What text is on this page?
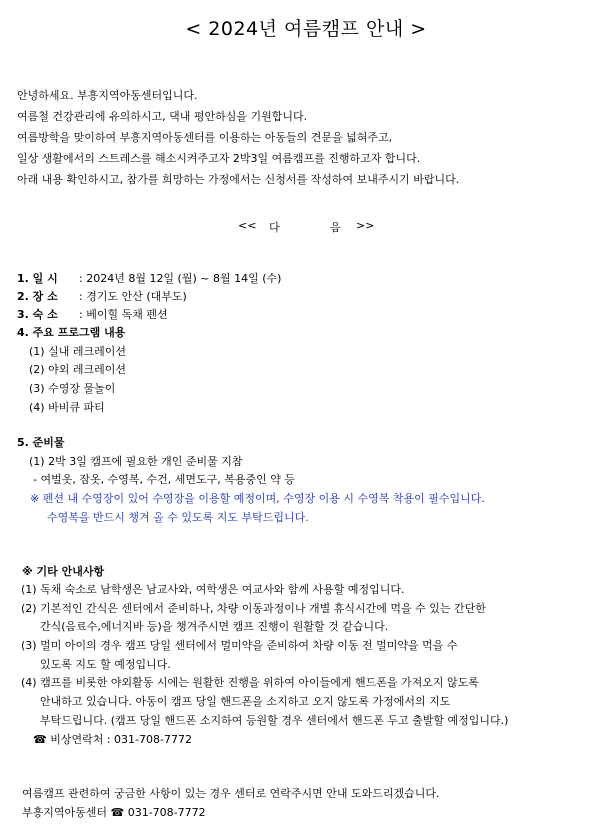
< 2024년 여름캠프 안내 >
안녕하세요. 부흥지역아동센터입니다.
여름철 건강관리에 유의하시고, 댁내 평안하심을 기원합니다.
여름방학을 맞이하여 부흥지역아동센터를 이용하는 아동들의 견문을 넓혀주고,
일상 생활에서의 스트레스를 해소시켜주고자 2박3일 여름캠프를 진행하고자 합니다.
아래 내용 확인하시고, 참가를 희망하는 가정에서는 신청서를 작성하여 보내주시기 바랍니다.
<< 다	음 >>
1. 일 시 : 2024년 8월 12일 (월) ~ 8월 14일 (수)
2. 장 소 : 경기도 안산 (대부도)
3. 숙 소 : 베이힐 독채 펜션
4. 주요 프로그램 내용
(1) 실내 레크레이션
(2) 야외 레크레이션
(3) 수영장 물놀이
(4) 바비큐 파티
5. 준비물
(1) 2박 3일 캠프에 필요한 개인 준비물 지참
- 여벌옷, 잠옷, 수영복, 수건, 세면도구, 복용중인 약 등
※ 펜션 내 수영장이 있어 수영장을 이용할 예정이며, 수영장 이용 시 수영복 착용이 필수입니다.
수영복을 반드시 챙겨 올 수 있도록 지도 부탁드립니다.
※ 기타 안내사항
(1) 독채 숙소로 남학생은 남교사와, 여학생은 여교사와 함께 사용할 예정입니다.
(2) 기본적인 간식은 센터에서 준비하나, 차량 이동과정이나 개별 휴식시간에 먹을 수 있는 간단한
간식(음료수,에너지바 등)을 챙겨주시면 캠프 진행이 원활할 것 같습니다.
(3) 멀미 아이의 경우 캠프 당일 센터에서 멀미약을 준비하여 차량 이동 전 멀미약을 먹을 수
있도록 지도 할 예정입니다.
(4) 캠프를 비롯한 야외활동 시에는 원활한 진행을 위하여 아이들에게 핸드폰을 가져오지 않도록
안내하고 있습니다. 아동이 캠프 당일 핸드폰을 소지하고 오지 않도록 가정에서의 지도
부탁드립니다. (캠프 당일 핸드폰 소지하여 등원할 경우 센터에서 핸드폰 두고 출발할 예정입니다.)
☎ 비상연락처 : 031-708-7772
여름캠프 관련하여 궁금한 사항이 있는 경우 센터로 연락주시면 안내 도와드리겠습니다.
부흥지역아동센터 ☎ 031-708-7772
